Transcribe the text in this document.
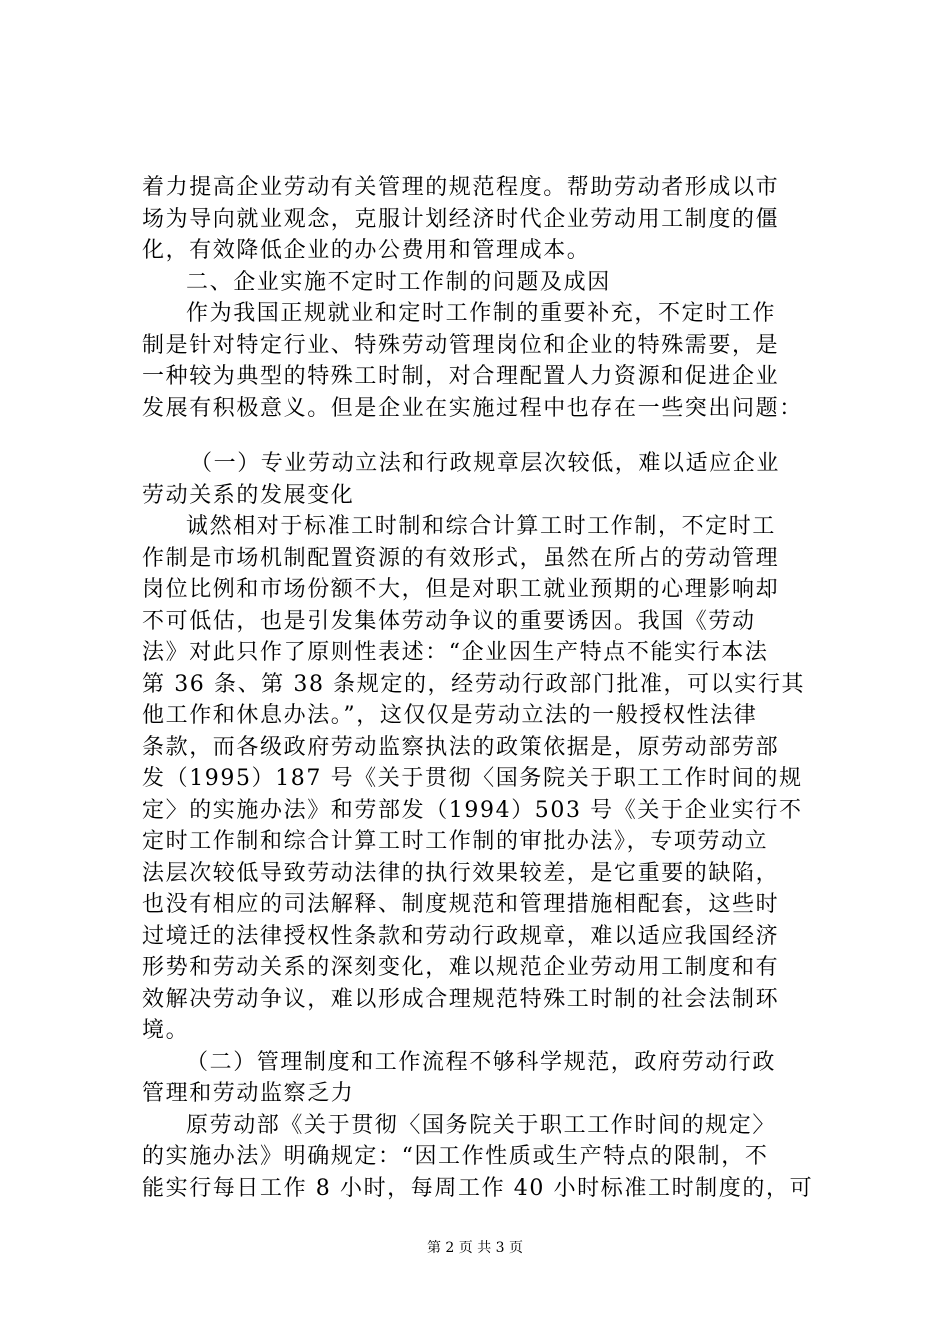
着力提高企业劳动有关管理的规范程度。帮助劳动者形成以市
场为导向就业观念，克服计划经济时代企业劳动用工制度的僵
化，有效降低企业的办公费用和管理成本。
二、企业实施不定时工作制的问题及成因
作为我国正规就业和定时工作制的重要补充，不定时工作
制是针对特定行业、特殊劳动管理岗位和企业的特殊需要，是
一种较为典型的特殊工时制，对合理配置人力资源和促进企业
发展有积极意义。但是企业在实施过程中也存在一些突出问题：
（一）专业劳动立法和行政规章层次较低，难以适应企业
劳动关系的发展变化
诚然相对于标准工时制和综合计算工时工作制，不定时工
作制是市场机制配置资源的有效形式，虽然在所占的劳动管理
岗位比例和市场份额不大，但是对职工就业预期的心理影响却
不可低估，也是引发集体劳动争议的重要诱因。我国《劳动
法》对此只作了原则性表述：“企业因生产特点不能实行本法
第 36 条、第 38 条规定的，经劳动行政部门批准，可以实行其
他工作和休息办法。”，这仅仅是劳动立法的一般授权性法律
条款，而各级政府劳动监察执法的政策依据是，原劳动部劳部
发（1995）187 号《关于贯彻〈国务院关于职工工作时间的规
定〉的实施办法》和劳部发（1994）503 号《关于企业实行不
定时工作制和综合计算工时工作制的审批办法》，专项劳动立
法层次较低导致劳动法律的执行效果较差，是它重要的缺陷，
也没有相应的司法解释、制度规范和管理措施相配套，这些时
过境迁的法律授权性条款和劳动行政规章，难以适应我国经济
形势和劳动关系的深刻变化，难以规范企业劳动用工制度和有
效解决劳动争议，难以形成合理规范特殊工时制的社会法制环
境。
（二）管理制度和工作流程不够科学规范，政府劳动行政
管理和劳动监察乏力
原劳动部《关于贯彻〈国务院关于职工工作时间的规定〉
的实施办法》明确规定：“因工作性质或生产特点的限制，不
能实行每日工作 8 小时，每周工作 40 小时标准工时制度的，可
第 2 页 共 3 页
